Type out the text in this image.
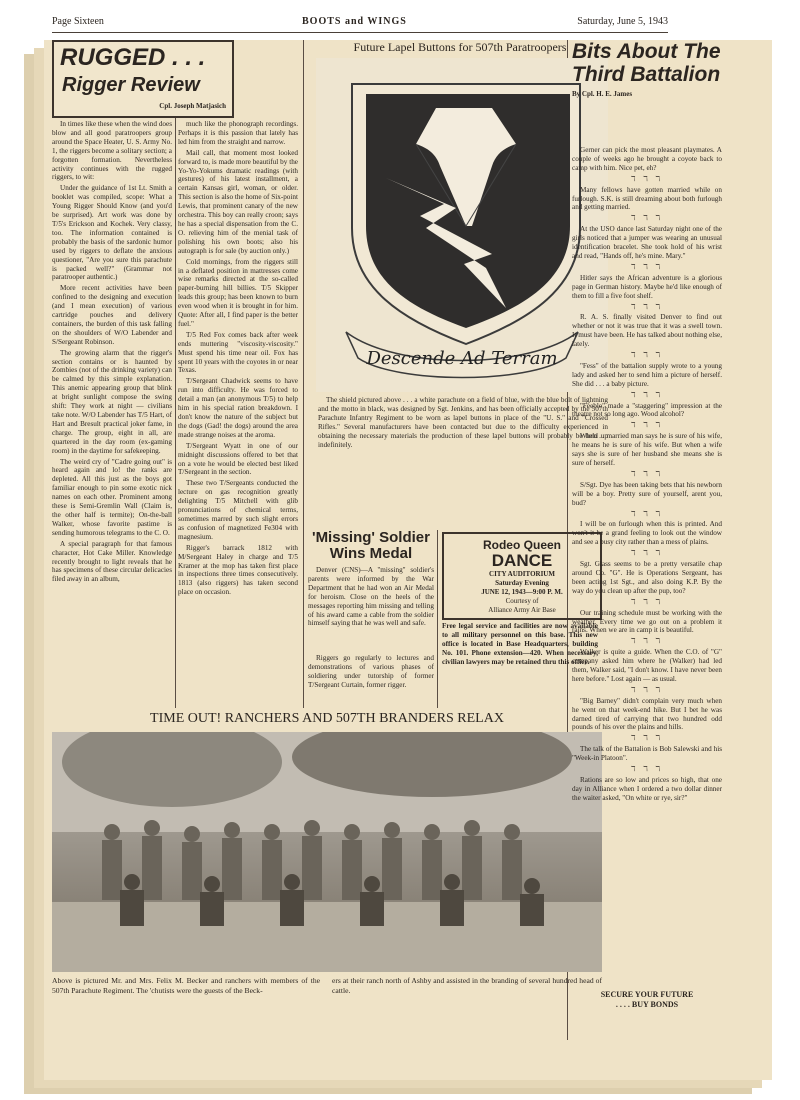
Page Sixteen	BOOTS and WINGS	Saturday, June 5, 1943
RUGGED . . .
Rigger Review
Cpl. Joseph Matjasich

In times like these when the wind does blow and all good paratroopers group around the Space Heater, U. S. Army No. 1, the riggers become a solitary section; a forgotten formation. Nevertheless activity continues with the rugged riggers, to wit:

Under the guidance of 1st Lt. Smith a booklet was compiled, scope: What a Young Rigger Should Know (and you'd be surprised). Art work was done by T/5's Erickson and Kochek. Very classy, too. The information contained is probably the basis of the sardonic humor used by riggers to deflate the anxious questioner, "Are you sure this parachute is packed well?" (Grammar not paratrooper authentic.)

More recent activities have been confined to the designing and execution (and I mean execution) of various cartridge pouches and delivery containers, the burden of this task falling on the shoulders of W/O Labender and S/Sergeant Robinson.

The growing alarm that the rigger's section contains or is haunted by Zombies (not of the drinking variety) can be calmed by this simple explanation. This anemic appearing group that blink at bright sunlight compose the swing shift: They work at night — civilians take note. W/O Labender has T/5 Hart, of Hart and Bresult practical joker fame, in charge. The group, eight in all, are quartered in the day room (ex-gaming room) in the daytime for safekeeping.

The weird cry of "Cadre going out" is heard again and lo! the ranks are depleted. All this just as the boys got familiar enough to pin some exotic nick names on each other. Prominent among these is Semi-Gremlin Wall (Claim is, the other half is termite); On-the-ball Walker, whose favorite pastime is sending humorous telegrams to the C. O.

A special paragraph for that famous character, Hot Cake Miller. Knowledge recently brought to light reveals that he has specimens of these circular delicacies filed away in an album,

much like the phonograph recordings. Perhaps it is this passion that lately has led him from the straight and narrow.

Mail call, that moment most looked forward to, is made more beautiful by the Yo-Yo-Yokums dramatic readings (with gestures) of his latest installment, a certain Kansas girl, woman, or older. This section is also the home of Six-point Lewis, that prominent canary of the new orchestra. This boy can really croon; says he has a special dispensation from the C. O. relieving him of the menial task of polishing his own boots; also his autograph is for sale (by auction only.)

Cold mornings, from the riggers still in a deflated position in mattresses come wise remarks directed at the so-called paper-burning hill billies. T/5 Skipper leads this group; has been known to burn even wood when it is brought in for him. Quote: After all, I find paper is the better fuel."

T/5 Red Fox comes back after week ends muttering "viscosity-viscosity." Must spend his time near oil. Fox has spent 10 years with the coyotes in or near Texas.

T/Sergeant Chadwick seems to have run into difficulty. He was forced to detail a man (an anonymous T/5) to help him in his special ration breakdown. I don't know the nature of the subject but the dogs (Gad! the dogs) around the area made strange noises at the aroma.

T/Sergeant Wyatt in one of our midnight discussions offered to bet that on a vote he would be elected best liked T/Sergeant in the section.

These two T/Sergeants conducted the lecture on gas recognition greatly delighting T/5 Mitchell with glib pronunciations of chemical terms, sometimes marred by such slight errors as confusion of magnetized Fe304 with magnesium.

Rigger's barrack 1812 with M/Sergeant Haley in charge and T/5 Kramer at the mop has taken first place in inspections three times consecutively. 1813 (also riggers) has taken second place on occasion.

Future Lapel Buttons for 507th Paratroopers
Descende Ad Terram

The shield pictured above . . . a white parachute on a field of blue, with the blue bolt of lightning and the motto in black, was designed by Sgt. Jenkins, and has been officially accepted by the 507th Parachute Infantry Regiment to be worn as lapel buttons in place of the "U. S." and "Crossed Rifles." Several manufacturers have been contacted but due to the difficulty experienced in obtaining the necessary materials the production of these lapel buttons will probably be held up indefinitely.

'Missing' Soldier Wins Medal

Denver (CNS)—A "missing" soldier's parents were informed by the War Department that he had won an Air Medal for heroism. Close on the heels of the messages reporting him missing and telling of his award came a cable from the soldier himself saying that he was well and safe.

Riggers go regularly to lectures and demonstrations of various phases of soldiering under tutorship of former T/Sergeant Curtain, former rigger.

Rodeo Queen
DANCE
CITY AUDITORIUM
Saturday Evening
JUNE 12, 1943—9:00 P. M.
Courtesy of
Alliance Army Air Base

Free legal service and facilities are now available to all military personnel on this base. This new office is located in Base Headquarters, building No. 101. Phone extension—420. When necessary, civilian lawyers may be retained thru this office.

TIME OUT! RANCHERS AND 507TH BRANDERS RELAX
Above is pictured Mr. and Mrs. Felix M. Becker and ranchers with members of the 507th Parachute Regiment. The 'chutists were the guests of the Beck-
ers at their ranch north of Ashby and assisted in the branding of several hundred head of cattle.
Bits About The Third Battalion
By Cpl. H. E. James

Gerner can pick the most pleasant playmates. A couple of weeks ago he brought a coyote back to camp with him. Nice pet, eh?

ℸ ℸ ℸ

Many fellows have gotten married while on furlough. S.K. is still dreaming about both furlough and getting married.

ℸ ℸ ℸ

At the USO dance last Saturday night one of the girls noticed that a jumper was wearing an unusual identification bracelet. She took hold of his wrist and read, "Hands off, he's mine. Mary."

ℸ ℸ ℸ

Hitler says the African adventure is a glorious page in German history. Maybe he'd like enough of them to fill a five foot shelf.

ℸ ℸ ℸ

R. A. S. finally visited Denver to find out whether or not it was true that it was a swell town. It must have been. He has talked about nothing else, lately.

ℸ ℸ ℸ

"Fess" of the battalion supply wrote to a young lady and asked her to send him a picture of herself. She did . . . a baby picture.

ℸ ℸ ℸ

"Feeble" made a "staggering" impression at the theatre not so long ago. Wood alcohol?

ℸ ℸ ℸ

When ... married man says he is sure of his wife, he means he is sure of his wife. But when a wife says she is sure of her husband she means she is sure of herself.

ℸ ℸ ℸ

S/Sgt. Dye has been taking bets that his newborn will be a boy. Pretty sure of yourself, arent you, bud?

ℸ ℸ ℸ

I will be on furlough when this is printed. And won't it be a grand feeling to look out the window and see a busy city rather than a mess of plains.

ℸ ℸ ℸ

Sgt. Glass seems to be a pretty versatile chap around Co. "G". He is Operations Sergeant, has been acting 1st Sgt., and also doing K.P. By the way do you clean up after the pup, too?

ℸ ℸ ℸ

Our training schedule must be working with the weather. Every time we go out on a problem it rains. When we are in camp it is beautiful.

ℸ ℸ ℸ

Walker is quite a guide. When the C.O. of "G" company asked him where he (Walker) had led them, Walker said, "I don't know. I have never been here before." Lost again — as usual.

ℸ ℸ ℸ

"Big Barney" didn't complain very much when he went on that week-end hike. But I bet he was darned tired of carrying that two hundred odd pounds of his over the plains and hills.

ℸ ℸ ℸ

The talk of the Battalion is Bob Salewski and his "Week-in Platoon".

ℸ ℸ ℸ

Rations are so low and prices so high, that one day in Alliance when I ordered a two dollar dinner the waiter asked, "On white or rye, sir?"

SECURE YOUR FUTURE
. . . . BUY BONDS
